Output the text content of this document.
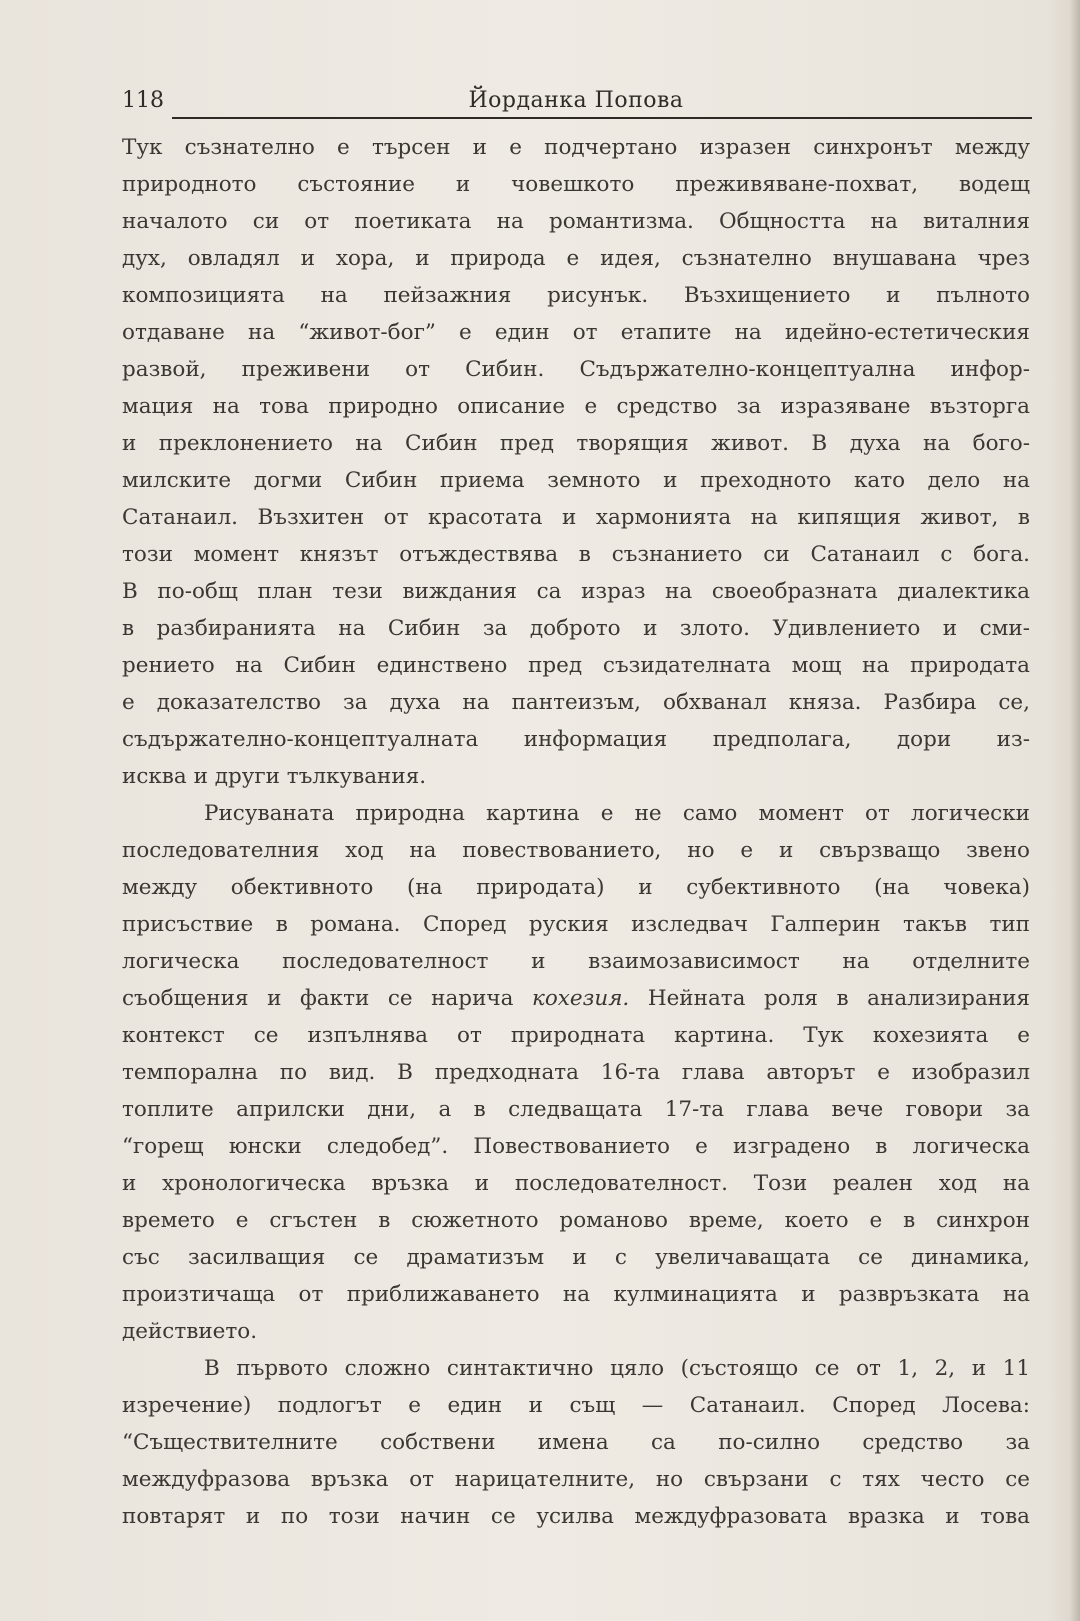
118	Йорданка Попова
Тук съзнателно е търсен и е подчертано изразен синхронът между
природното състояние и човешкото преживяване-похват, водещ
началото си от поетиката на романтизма. Общността на виталния
дух, овладял и хора, и природа е идея, съзнателно внушавана чрез
композицията на пейзажния рисунък. Възхищението и пълното
отдаване на “живот-бог” е един от етапите на идейно-естетическия
развой, преживени от Сибин. Съдържателно-концептуална инфор-
мация на това природно описание е средство за изразяване възторга
и преклонението на Сибин пред творящия живот. В духа на бого-
милските догми Сибин приема земното и преходното като дело на
Сатанаил. Възхитен от красотата и хармонията на кипящия живот, в
този момент князът отъждествява в съзнанието си Сатанаил с бога.
В по-общ план тези виждания са израз на своеобразната диалектика
в разбиранията на Сибин за доброто и злото. Удивлението и сми-
рението на Сибин единствено пред съзидателната мощ на природата
е доказателство за духа на пантеизъм, обхванал княза. Разбира се,
съдържателно-концептуалната информация предполага, дори из-
исква и други тълкувания.
Рисуваната природна картина е не само момент от логически
последователния ход на повествованието, но е и свързващо звено
между обективното (на природата) и субективното (на човека)
присъствие в романа. Според руския изследвач Галперин такъв тип
логическа последователност и взаимозависимост на отделните
съобщения и факти се нарича кохезия. Нейната роля в анализирания
контекст се изпълнява от природната картина. Тук кохезията е
темпорална по вид. В предходната 16-та глава авторът е изобразил
топлите априлски дни, а в следващата 17-та глава вече говори за
“горещ юнски следобед”. Повествованието е изградено в логическа
и хронологическа връзка и последователност. Този реален ход на
времето е сгъстен в сюжетното романово време, което е в синхрон
със засилващия се драматизъм и с увеличаващата се динамика,
произтичаща от приближаването на кулминацията и развръзката на
действието.
В първото сложно синтактично цяло (състоящо се от 1, 2, и 11
изречение) подлогът е един и същ — Сатанаил. Според Лосева:
“Съществителните собствени имена са по-силно средство за
междуфразова връзка от нарицателните, но свързани с тях често се
повтарят и по този начин се усилва междуфразовата вразка и това
